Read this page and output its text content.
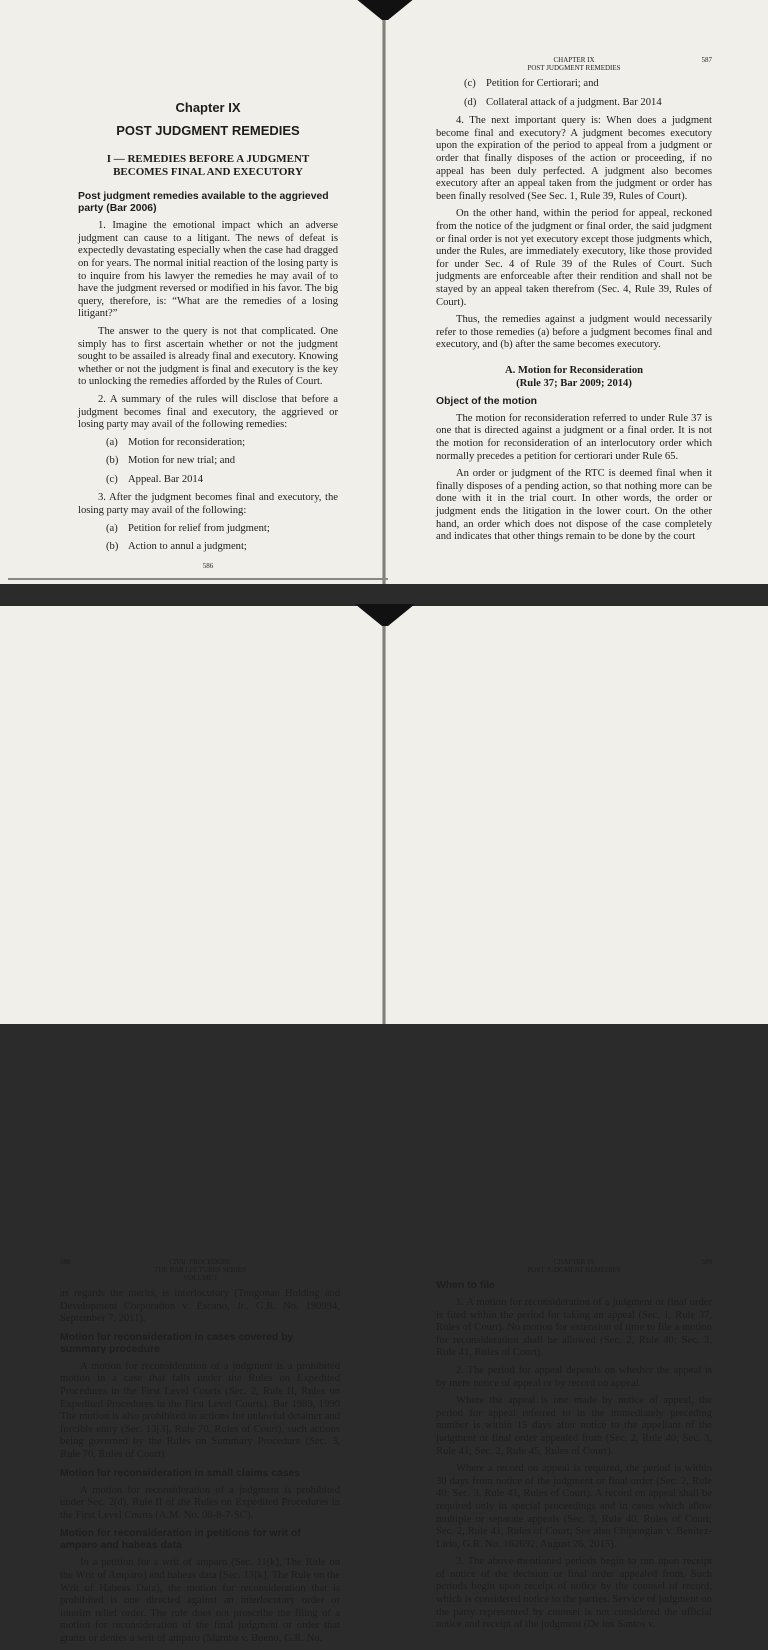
Chapter IX
POST JUDGMENT REMEDIES
I — REMEDIES BEFORE A JUDGMENT BECOMES FINAL AND EXECUTORY
Post judgment remedies available to the aggrieved party (Bar 2006)

1. Imagine the emotional impact which an adverse judgment can cause to a litigant. The news of defeat is expectedly devastating especially when the case had dragged on for years. The normal initial reaction of the losing party is to inquire from his lawyer the remedies he may avail of to have the judgment reversed or modified in his favor. The big query, therefore, is: “What are the remedies of a losing litigant?”

The answer to the query is not that complicated. One simply has to first ascertain whether or not the judgment sought to be assailed is already final and executory. Knowing whether or not the judgment is final and executory is the key to unlocking the remedies afforded by the Rules of Court.

2. A summary of the rules will disclose that before a judgment becomes final and executory, the aggrieved or losing party may avail of the following remedies:

(a) Motion for reconsideration;
(b) Motion for new trial; and
(c) Appeal. Bar 2014

3. After the judgment becomes final and executory, the losing party may avail of the following:

(a) Petition for relief from judgment;
(b) Action to annul a judgment;
586
CHAPTER IX
POST JUDGMENT REMEDIES
587
(c) Petition for Certiorari; and
(d) Collateral attack of a judgment. Bar 2014

4. The next important query is: When does a judgment become final and executory? A judgment becomes executory upon the expiration of the period to appeal from a judgment or order that finally disposes of the action or proceeding, if no appeal has been duly perfected. A judgment also becomes executory after an appeal taken from the judgment or order has been finally resolved (See Sec. 1, Rule 39, Rules of Court).

On the other hand, within the period for appeal, reckoned from the notice of the judgment or final order, the said judgment or final order is not yet executory except those judgments which, under the Rules, are immediately executory, like those provided for under Sec. 4 of Rule 39 of the Rules of Court. Such judgments are enforceable after their rendition and shall not be stayed by an appeal taken therefrom (Sec. 4, Rule 39, Rules of Court).

Thus, the remedies against a judgment would necessarily refer to those remedies (a) before a judgment becomes final and executory, and (b) after the same becomes executory.

A. Motion for Reconsideration
(Rule 37; Bar 2009; 2014)
Object of the motion

The motion for reconsideration referred to under Rule 37 is one that is directed against a judgment or a final order. It is not the motion for reconsideration of an interlocutory order which normally precedes a petition for certiorari under Rule 65.

An order or judgment of the RTC is deemed final when it finally disposes of a pending action, so that nothing more can be done with it in the trial court. In other words, the order or judgment ends the litigation in the lower court. On the other hand, an order which does not dispose of the case completely and indicates that other things remain to be done by the court

588	CIVIL PROCEDURE
THE BAR LECTURES SERIES
VOLUME I

as regards the merits, is interlocutory (Tongonan Holding and Development Corporation v. Escano, Jr., G.R. No. 190994, September 7, 2011).

Motion for reconsideration in cases covered by summary procedure

A motion for reconsideration of a judgment is a prohibited motion in a case that falls under the Rules on Expedited Procedures in the First Level Courts (Sec. 2, Rule II, Rules on Expedited Procedures in the First Level Courts). Bar 1989, 1990 The motion is also prohibited in actions for unlawful detainer and forcible entry (Sec. 13[3], Rule 70, Rules of Court), such actions being governed by the Rules on Summary Procedure (Sec. 3, Rule 70, Rules of Court).

Motion for reconsideration in small claims cases

A motion for reconsideration of a judgment is prohibited under Sec. 2(d), Rule II of the Rules on Expedited Procedures in the First Level Courts (A.M. No. 08-8-7-SC).

Motion for reconsideration in petitions for writ of amparo and habeas data

In a petition for a writ of amparo (Sec. 11[k], The Rule on the Writ of Amparo) and habeas data (Sec. 13[k], The Rule on the Writ of Habeas Data), the motion for reconsideration that is prohibited is one directed against an interlocutory order or interim relief order. The rule does not proscribe the filing of a motion for reconsideration of the final judgment or order that grants or denies a writ of amparo (Mamba v. Bueno, G.R. No.

CHAPTER IX
POST JUDGMENT REMEDIES
589
When to file

1. A motion for reconsideration of a judgment or final order is filed within the period for taking an appeal (Sec. 1, Rule 37, Rules of Court). No motion for extension of time to file a motion for reconsideration shall be allowed (Sec. 2, Rule 40; Sec. 3, Rule 41, Rules of Court).

2. The period for appeal depends on whether the appeal is by mere notice of appeal or by record on appeal.

Where the appeal is one made by notice of appeal, the period for appeal referred to in the immediately preceding number is within 15 days after notice to the appellant of the judgment or final order appealed from (Sec. 2, Rule 40; Sec. 3, Rule 41; Sec. 2, Rule 45, Rules of Court).

Where a record on appeal is required, the period is within 30 days from notice of the judgment or final order (Sec. 2, Rule 40; Sec. 3, Rule 41, Rules of Court). A record on appeal shall be required only in special proceedings and in cases which allow multiple or separate appeals (Sec. 3, Rule 40, Rules of Court; Sec. 2, Rule 41, Rules of Court; See also Chipongian v. Benitez-Lirio, G.R. No. 162692, August 26, 2015).

3. The above-mentioned periods begin to run upon receipt of notice of the decision or final order appealed from. Such periods begin upon receipt of notice by the counsel of record, which is considered notice to the parties. Service of judgment on the party represented by counsel is not considered the official notice and receipt of the judgment (De los Santos v.
